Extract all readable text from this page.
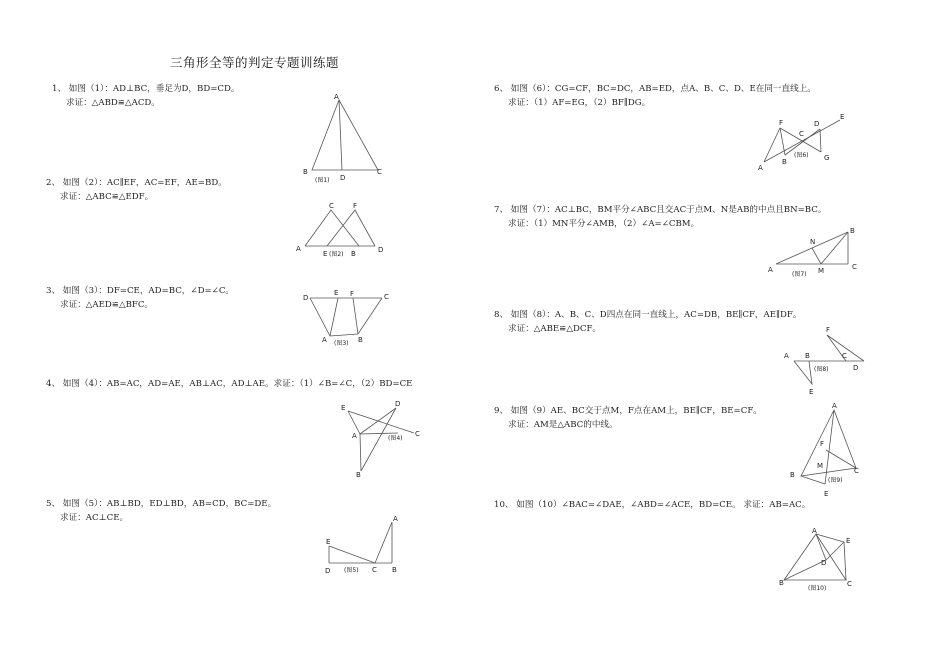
三角形全等的判定专题训练题
1、 如图（1）：AD⊥BC，垂足为D，BD=CD。
求证：△ABD≌△ACD。
2、 如图（2）：AC∥EF，AC=EF，AE=BD。
求证：△ABC≌△EDF。
3、 如图（3）：DF=CE，AD=BC，∠D=∠C。
求证：△AED≌△BFC。
4、 如图（4）：AB=AC，AD=AE，AB⊥AC，AD⊥AE。求证：（1）∠B=∠C，（2）BD=CE
5、 如图（5）：AB⊥BD，ED⊥BD，AB=CD，BC=DE。
求证：AC⊥CE。
6、 如图（6）：CG=CF，BC=DC，AB=ED，点A、B、C、D、E在同一直线上。
求证：（1）AF=EG，（2）BF∥DG。
7、 如图（7）：AC⊥BC，BM平分∠ABC且交AC于点M、N是AB的中点且BN=BC。
求证：（1）MN平分∠AMB，（2）∠A=∠CBM。
8、 如图（8）：A、B、C、D四点在同一直线上，AC=DB，BE∥CF，AE∥DF。
求证：△ABE≌△DCF。
9、 如图（9）AE、BC交于点M，F点在AM上，BE∥CF，BE=CF。
求证：AM是△ABC的中线。
10、 如图（10）∠BAC=∠DAE，∠ABD=∠ACE，BD=CE。 求证：AB=AC。
A
B	C
D
(图1)
C	F
A
E	B	D
(图2)
D
E F	C
A	B
(图3)
E	D
A	C
B
(图4)
A
E
D	C B
(图5)
F
C
D
E
A
B	G
(图6)
B
N
A	M	C
(图7)
F
A B	C
D
E
(图8)
A
F
M
B	C
E
(图9)
A
E
D
B	C
(图10)
